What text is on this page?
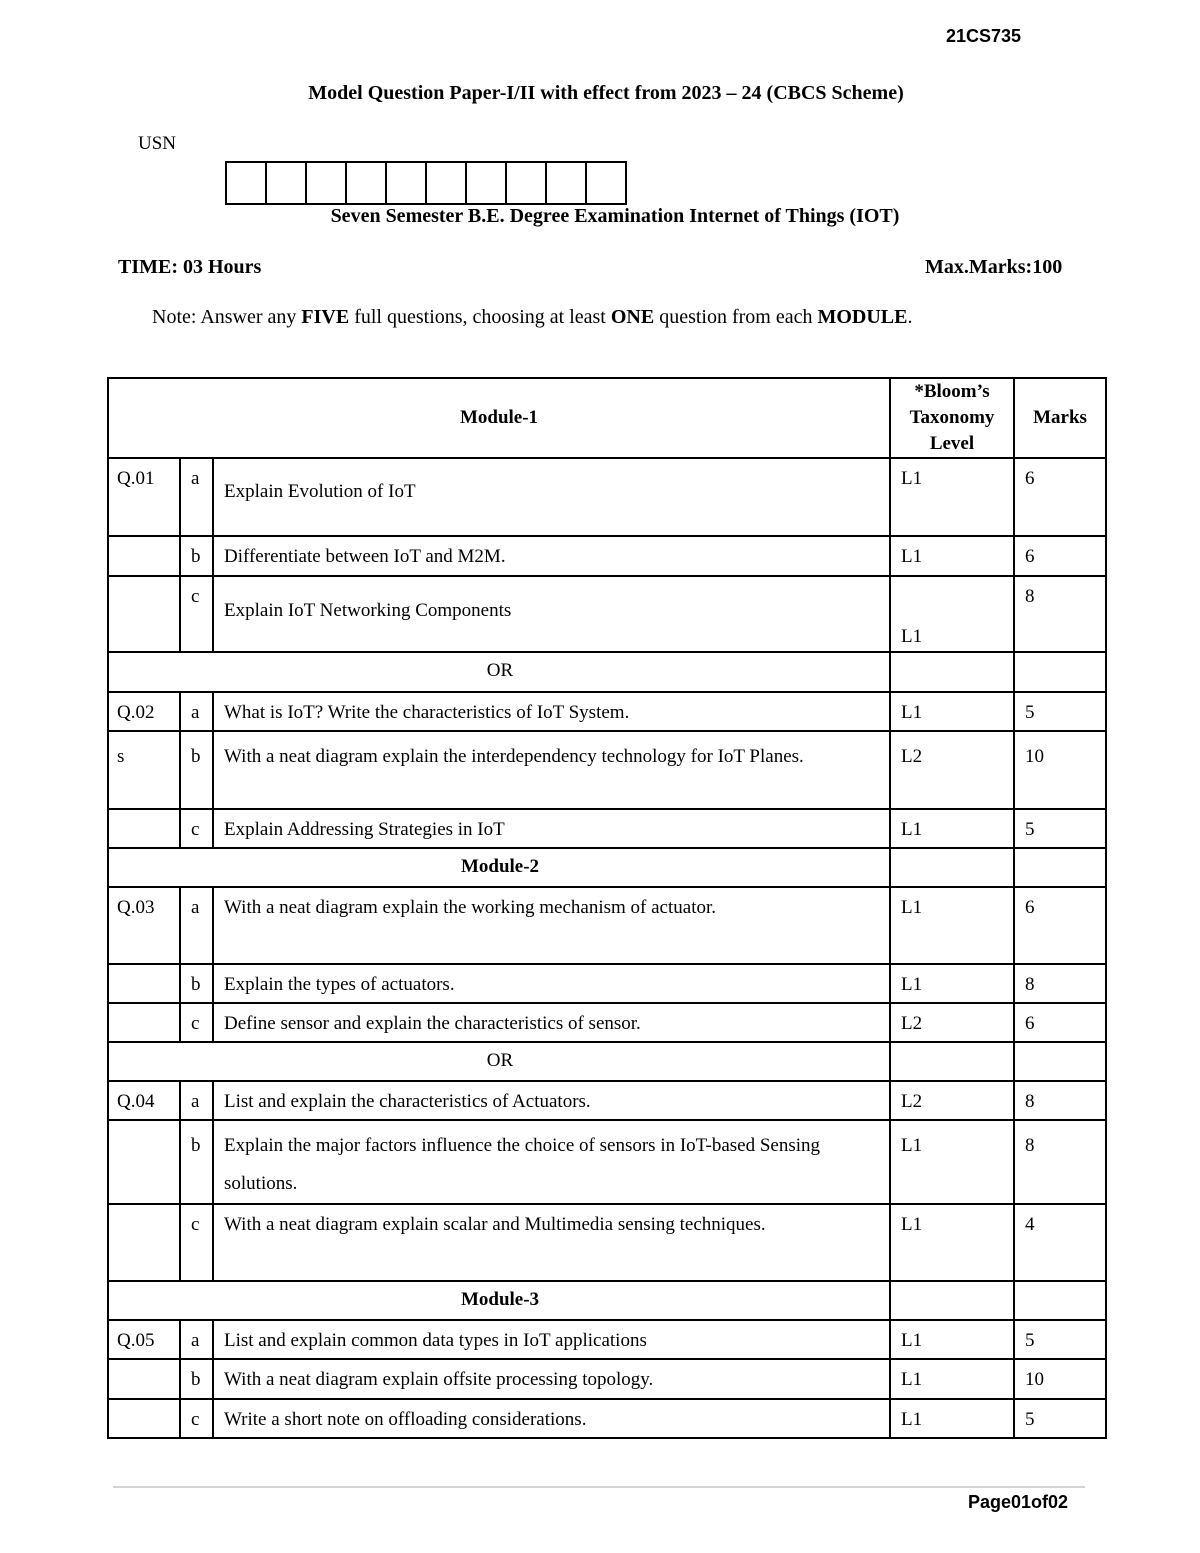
21CS735
Model Question Paper-I/II with effect from 2023 – 24 (CBCS Scheme)
USN
Seven Semester B.E. Degree Examination Internet of Things (IOT)
TIME: 03 Hours	Max.Marks:100
Note: Answer any FIVE full questions, choosing at least ONE question from each MODULE.
Module-1			*Bloom’s Taxonomy Level	Marks
Q.01	a	Explain Evolution of IoT	L1	6
	b	Differentiate between IoT and M2M.	L1	6
	c	Explain IoT Networking Components	L1	8
OR				
Q.02	a	What is IoT? Write the characteristics of IoT System.	L1	5
s	b	With a neat diagram explain the interdependency technology for IoT Planes.	L2	10
	c	Explain Addressing Strategies in IoT	L1	5
Module-2				
Q.03	a	With a neat diagram explain the working mechanism of actuator.	L1	6
	b	Explain the types of actuators.	L1	8
	c	Define sensor and explain the characteristics of sensor.	L2	6
OR				
Q.04	a	List and explain the characteristics of Actuators.	L2	8
	b	Explain the major factors influence the choice of sensors in IoT-based Sensing solutions.	L1	8
	c	With a neat diagram explain scalar and Multimedia sensing techniques.	L1	4
Module-3				
Q.05	a	List and explain common data types in IoT applications	L1	5
	b	With a neat diagram explain offsite processing topology.	L1	10
	c	Write a short note on offloading considerations.	L1	5
Page01of02
